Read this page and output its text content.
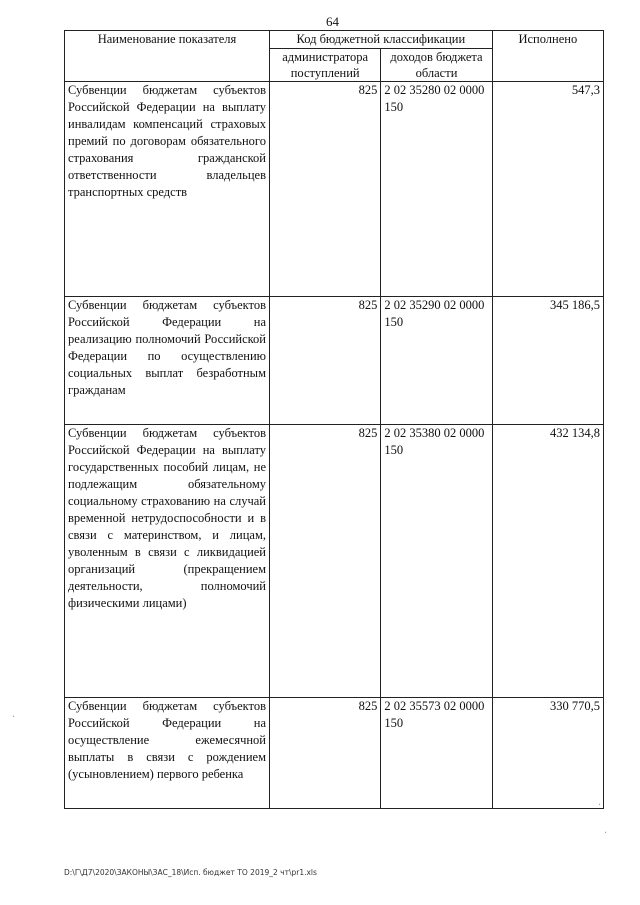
64
Наименование показателя	Код бюджетной классификации		Исполнено
	администратора поступлений	доходов бюджета области	
Субвенции бюджетам субъектов Российской Федерации на выплату инвалидам компенсаций страховых премий по договорам обязательного страхования гражданской ответственности владельцев транспортных средств	825	2 02 35280 02 0000 150	547,3
Субвенции бюджетам субъектов Российской Федерации на реализацию полномочий Российской Федерации по осуществлению социальных выплат безработным гражданам	825	2 02 35290 02 0000 150	345 186,5
Субвенции бюджетам субъектов Российской Федерации на выплату государственных пособий лицам, не подлежащим обязательному социальному страхованию на случай временной нетрудоспособности и в связи с материнством, и лицам, уволенным в связи с ликвидацией организаций (прекращением деятельности, полномочий физическими лицами)	825	2 02 35380 02 0000 150	432 134,8
Субвенции бюджетам субъектов Российской Федерации на осуществление ежемесячной выплаты в связи с рождением (усыновлением) первого ребенка	825	2 02 35573 02 0000 150	330 770,5
·
·
·
D:\Г\Д7\2020\ЗАКОНЫ\ЗАС_18\Исп. бюджет ТО 2019_2 чт\pr1.xls
